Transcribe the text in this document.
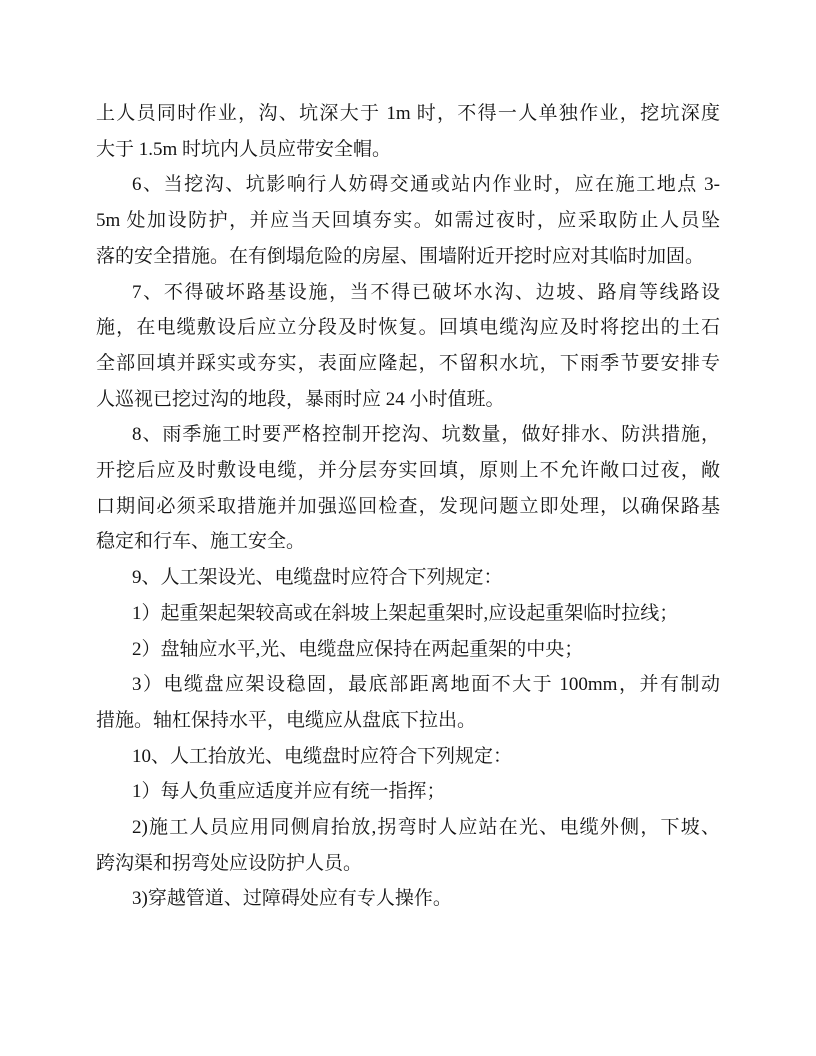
上人员同时作业，沟、坑深大于 1m 时，不得一人单独作业，挖坑深度
大于 1.5m 时坑内人员应带安全帽。

6、当挖沟、坑影响行人妨碍交通或站内作业时，应在施工地点 3-
5m 处加设防护，并应当天回填夯实。如需过夜时，应采取防止人员坠
落的安全措施。在有倒塌危险的房屋、围墙附近开挖时应对其临时加固。

7、不得破坏路基设施，当不得已破坏水沟、边坡、路肩等线路设
施，在电缆敷设后应立分段及时恢复。回填电缆沟应及时将挖出的土石
全部回填并踩实或夯实，表面应隆起，不留积水坑，下雨季节要安排专
人巡视已挖过沟的地段，暴雨时应 24 小时值班。

8、雨季施工时要严格控制开挖沟、坑数量，做好排水、防洪措施，
开挖后应及时敷设电缆，并分层夯实回填，原则上不允许敞口过夜，敞
口期间必须采取措施并加强巡回检查，发现问题立即处理，以确保路基
稳定和行车、施工安全。

9、人工架设光、电缆盘时应符合下列规定：

1）起重架起架较高或在斜坡上架起重架时,应设起重架临时拉线；

2）盘轴应水平,光、电缆盘应保持在两起重架的中央；

3）电缆盘应架设稳固，最底部距离地面不大于 100mm，并有制动
措施。轴杠保持水平，电缆应从盘底下拉出。

10、人工抬放光、电缆盘时应符合下列规定：

1）每人负重应适度并应有统一指挥；

2)施工人员应用同侧肩抬放,拐弯时人应站在光、电缆外侧，下坡、
跨沟渠和拐弯处应设防护人员。

3)穿越管道、过障碍处应有专人操作。
